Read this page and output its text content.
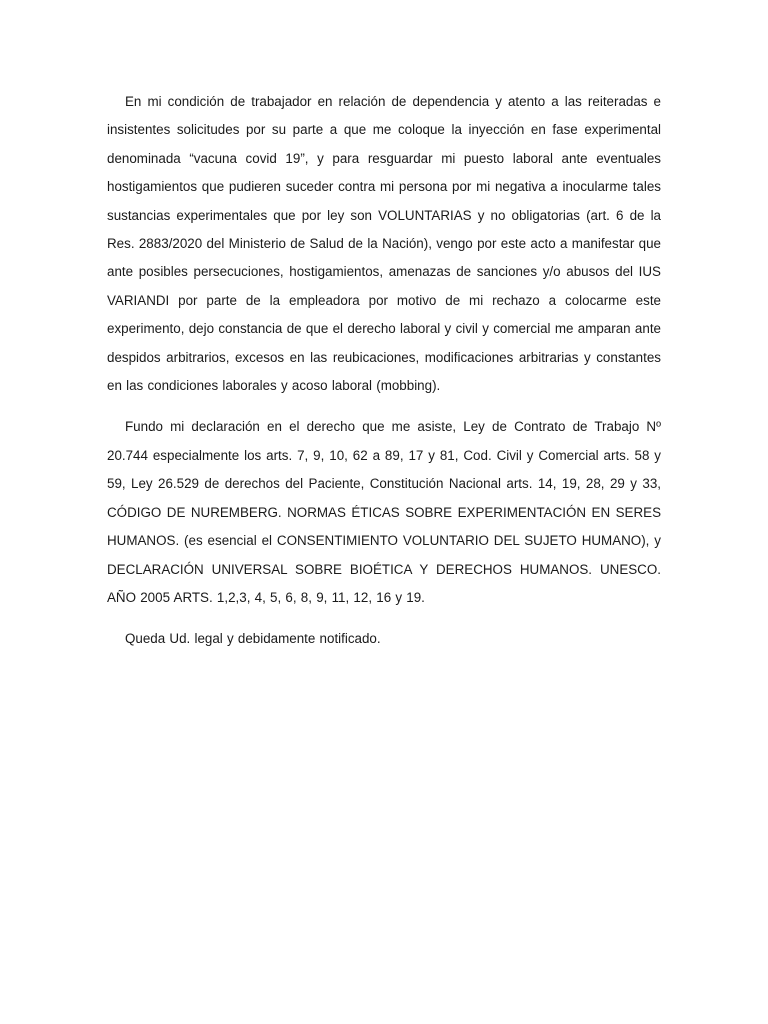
En mi condición de trabajador en relación de dependencia y atento a las reiteradas e insistentes solicitudes por su parte a que me coloque la inyección en fase experimental denominada “vacuna covid 19”, y para resguardar mi puesto laboral ante eventuales hostigamientos que pudieren suceder contra mi persona por mi negativa a inocularme tales sustancias experimentales que por ley son VOLUNTARIAS y no obligatorias (art. 6 de la Res. 2883/2020 del Ministerio de Salud de la Nación), vengo por este acto a manifestar que ante posibles persecuciones, hostigamientos, amenazas de sanciones y/o abusos del IUS VARIANDI por parte de la empleadora por motivo de mi rechazo a colocarme este experimento, dejo constancia de que el derecho laboral y civil y comercial me amparan ante despidos arbitrarios, excesos en las reubicaciones, modificaciones arbitrarias y constantes en las condiciones laborales y acoso laboral (mobbing).

Fundo mi declaración en el derecho que me asiste, Ley de Contrato de Trabajo Nº 20.744 especialmente los arts. 7, 9, 10, 62 a 89, 17 y 81, Cod. Civil y Comercial arts. 58 y 59, Ley 26.529 de derechos del Paciente, Constitución Nacional arts. 14, 19, 28, 29 y 33, CÓDIGO DE NUREMBERG. NORMAS ÉTICAS SOBRE EXPERIMENTACIÓN EN SERES HUMANOS. (es esencial el CONSENTIMIENTO VOLUNTARIO DEL SUJETO HUMANO), y DECLARACIÓN UNIVERSAL SOBRE BIOÉTICA Y DERECHOS HUMANOS. UNESCO. AÑO 2005 ARTS. 1,2,3, 4, 5, 6, 8, 9, 11, 12, 16 y 19.

Queda Ud. legal y debidamente notificado.
